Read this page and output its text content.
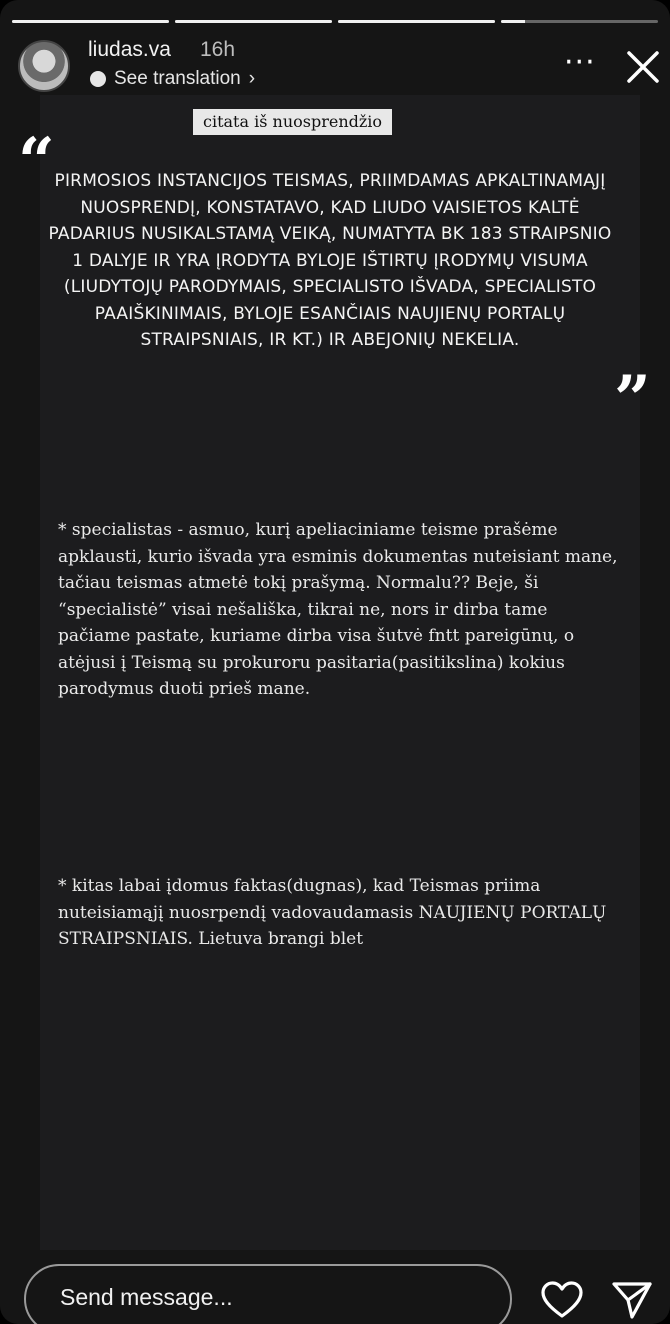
liudas.va 16h
See translation ›	···
citata iš nuosprendžio
“ PIRMOSIOS INSTANCIJOS TEISMAS, PRIIMDAMAS APKALTINAMĄJĮ NUOSPRENDĮ, KONSTATAVO, KAD LIUDO VAISIETOS KALTĖ PADARIUS NUSIKALSTAMĄ VEIKĄ, NUMATYTA BK 183 STRAIPSNIO 1 DALYJE IR YRA ĮRODYTA BYLOJE IŠTIRTŲ ĮRODYMŲ VISUMA (LIUDYTOJŲ PARODYMAIS, SPECIALISTO IŠVADA, SPECIALISTO PAAIŠKINIMAIS, BYLOJE ESANČIAIS NAUJIENŲ PORTALŲ STRAIPSNIAIS, IR KT.) IR ABEJONIŲ NEKELIA.
”
* specialistas - asmuo, kurį apeliaciniame teisme prašėme apklausti, kurio išvada yra esminis dokumentas nuteisiant mane, tačiau teismas atmetė tokį prašymą. Normalu?? Beje, ši “specialistė” visai nešališka, tikrai ne, nors ir dirba tame pačiame pastate, kuriame dirba visa šutvė fntt pareigūnų, o atėjusi į Teismą su prokuroru pasitaria(pasitikslina) kokius parodymus duoti prieš mane.
* kitas labai įdomus faktas(dugnas), kad Teismas priima nuteisiamąjį nuosrpendį vadovaudamasis NAUJIENŲ PORTALŲ STRAIPSNIAIS. Lietuva brangi blet
Send message...
